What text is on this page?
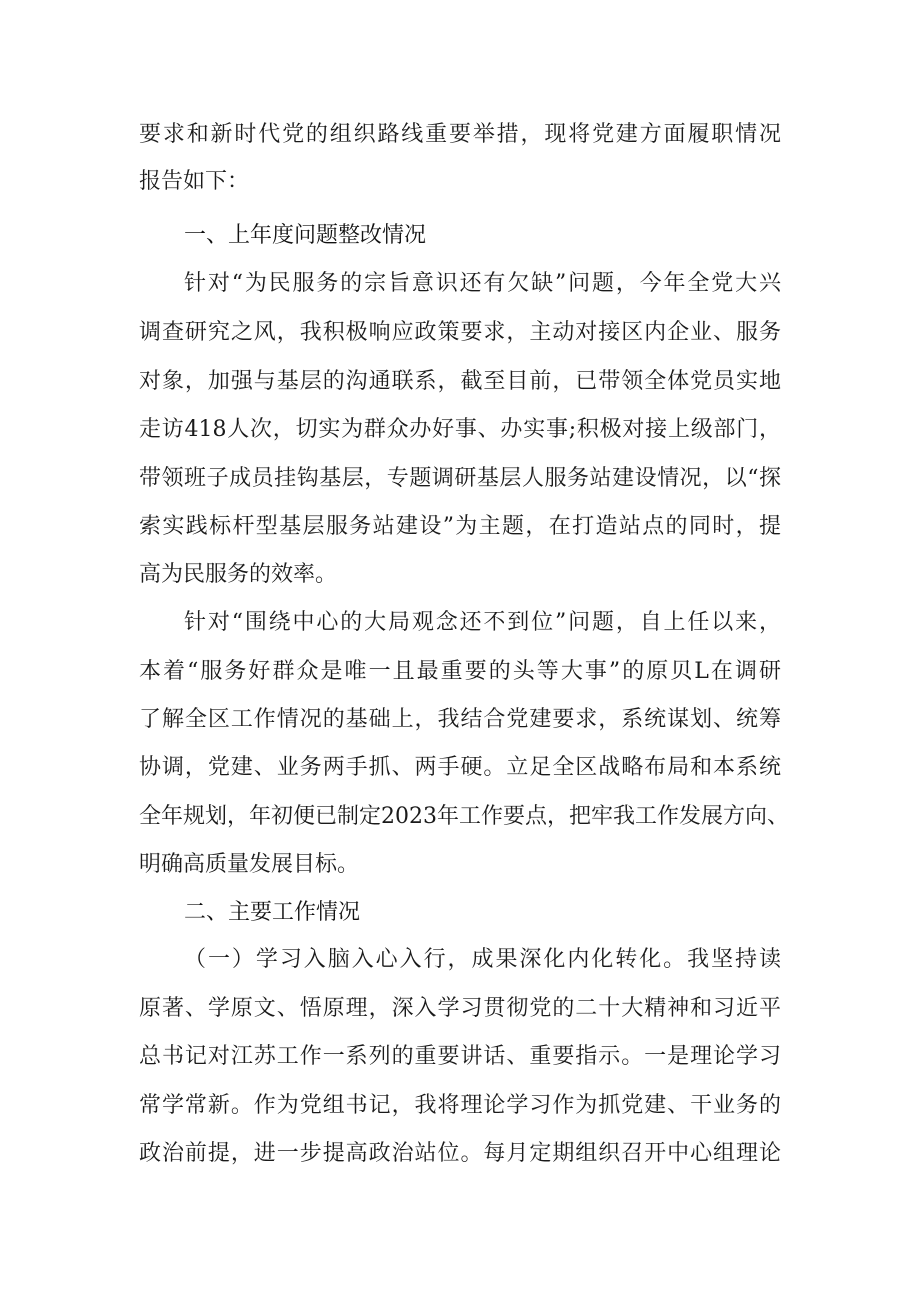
要求和新时代党的组织路线重要举措，现将党建方面履职情况
报告如下：
一、上年度问题整改情况
针对“为民服务的宗旨意识还有欠缺”问题，今年全党大兴
调查研究之风，我积极响应政策要求，主动对接区内企业、服务
对象，加强与基层的沟通联系，截至目前，已带领全体党员实地
走访418人次，切实为群众办好事、办实事;积极对接上级部门，
带领班子成员挂钩基层，专题调研基层人服务站建设情况，以“探
索实践标杆型基层服务站建设”为主题，在打造站点的同时，提
高为民服务的效率。
针对“围绕中心的大局观念还不到位”问题，自上任以来，
本着“服务好群众是唯一且最重要的头等大事”的原贝L在调研
了解全区工作情况的基础上，我结合党建要求，系统谋划、统筹
协调，党建、业务两手抓、两手硬。立足全区战略布局和本系统
全年规划，年初便已制定2023年工作要点，把牢我工作发展方向、
明确高质量发展目标。
二、主要工作情况
（一）学习入脑入心入行，成果深化内化转化。我坚持读
原著、学原文、悟原理，深入学习贯彻党的二十大精神和习近平
总书记对江苏工作一系列的重要讲话、重要指示。一是理论学习
常学常新。作为党组书记，我将理论学习作为抓党建、干业务的
政治前提，进一步提高政治站位。每月定期组织召开中心组理论
